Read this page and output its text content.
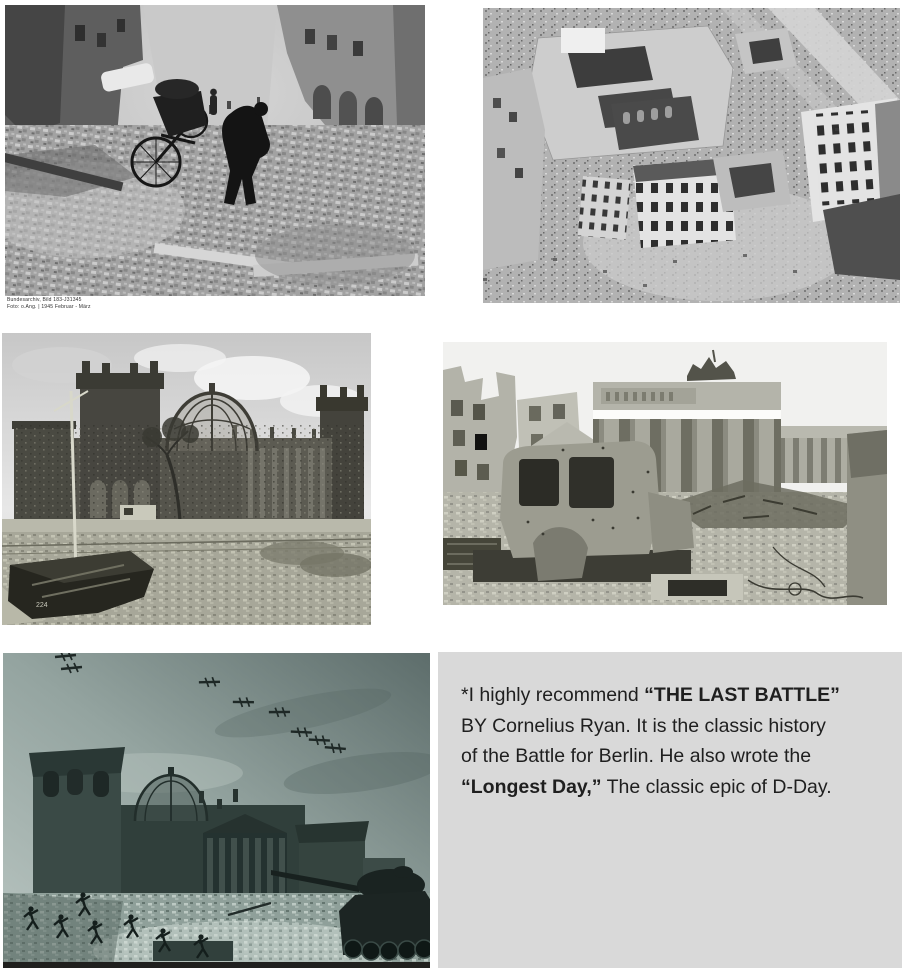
Bundesarchiv, Bild 183-J31345
Foto: o.Ang. | 1945 Februar - März
224
*I highly recommend “THE LAST BATTLE”
BY Cornelius Ryan. It is the classic history
of the Battle for Berlin. He also wrote the
“Longest Day,” The classic epic of D-Day.
